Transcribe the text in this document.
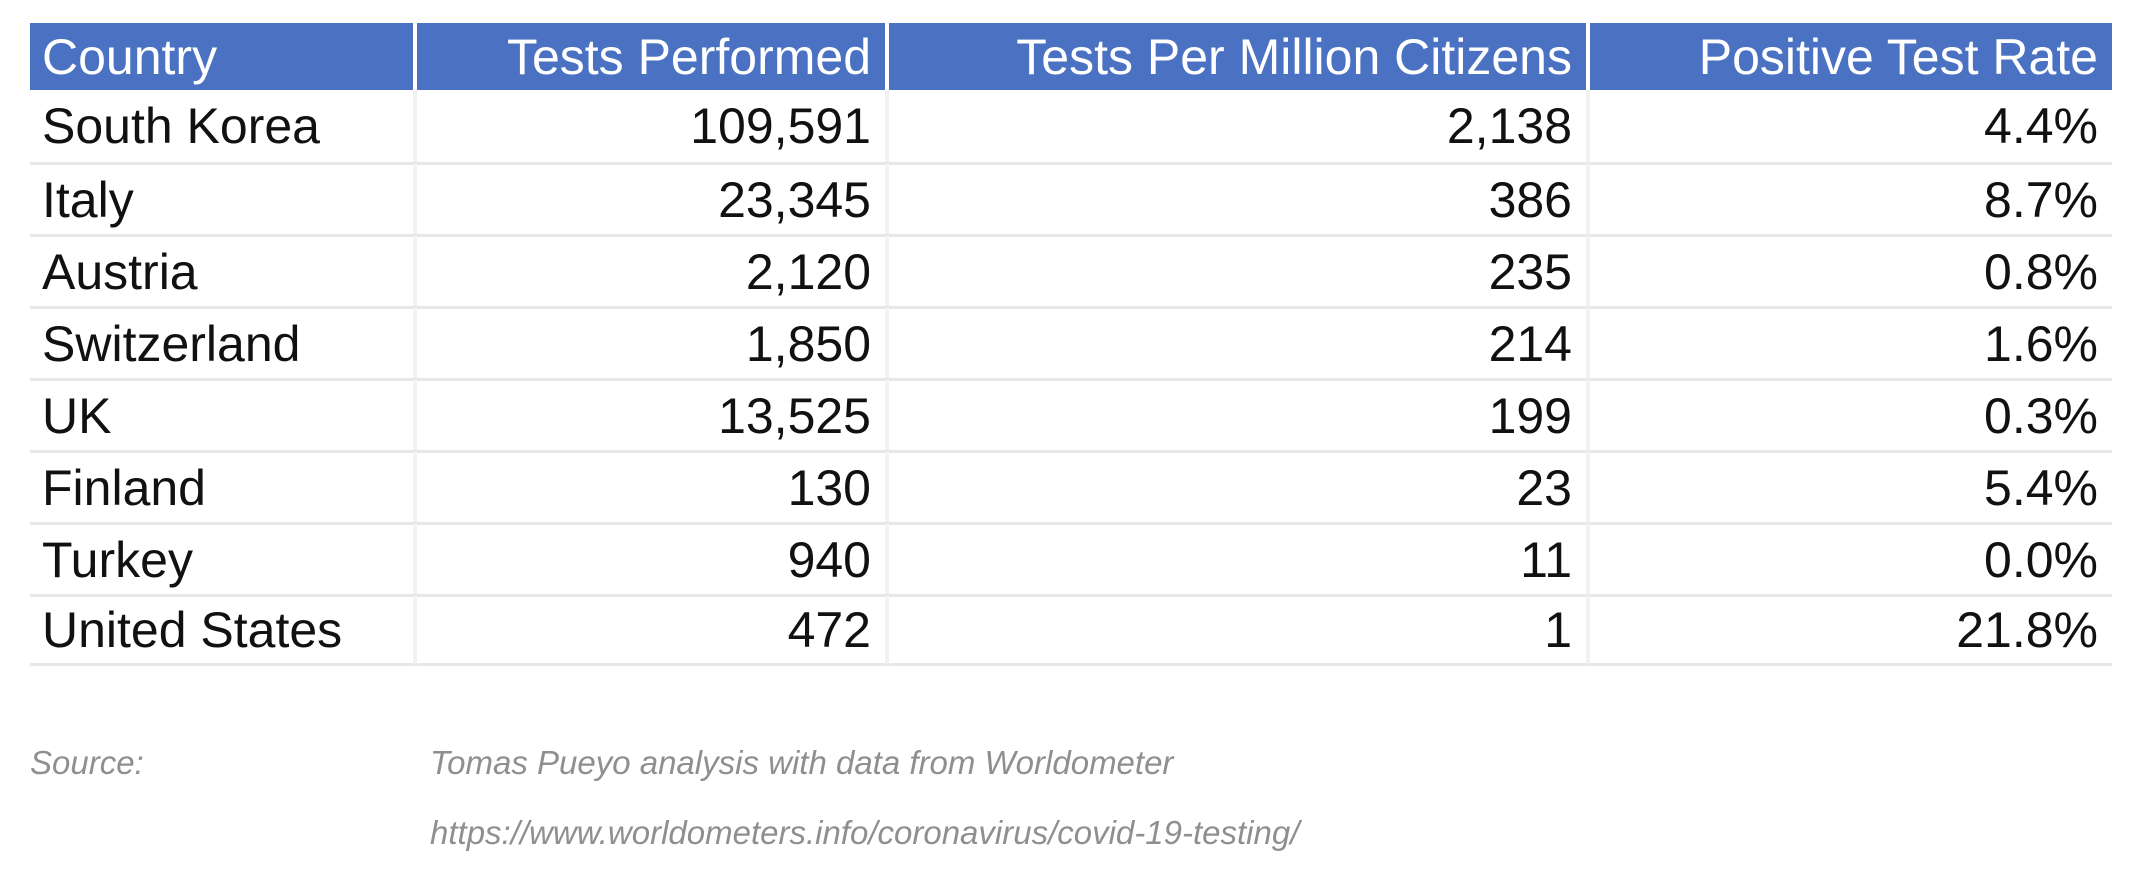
Country	Tests Performed	Tests Per Million Citizens	Positive Test Rate
South Korea	109,591	2,138	4.4%
Italy	23,345	386	8.7%
Austria	2,120	235	0.8%
Switzerland	1,850	214	1.6%
UK	13,525	199	0.3%
Finland	130	23	5.4%
Turkey	940	11	0.0%
United States	472	1	21.8%
Source:	Tomas Pueyo analysis with data from Worldometer
https://www.worldometers.info/coronavirus/covid-19-testing/
